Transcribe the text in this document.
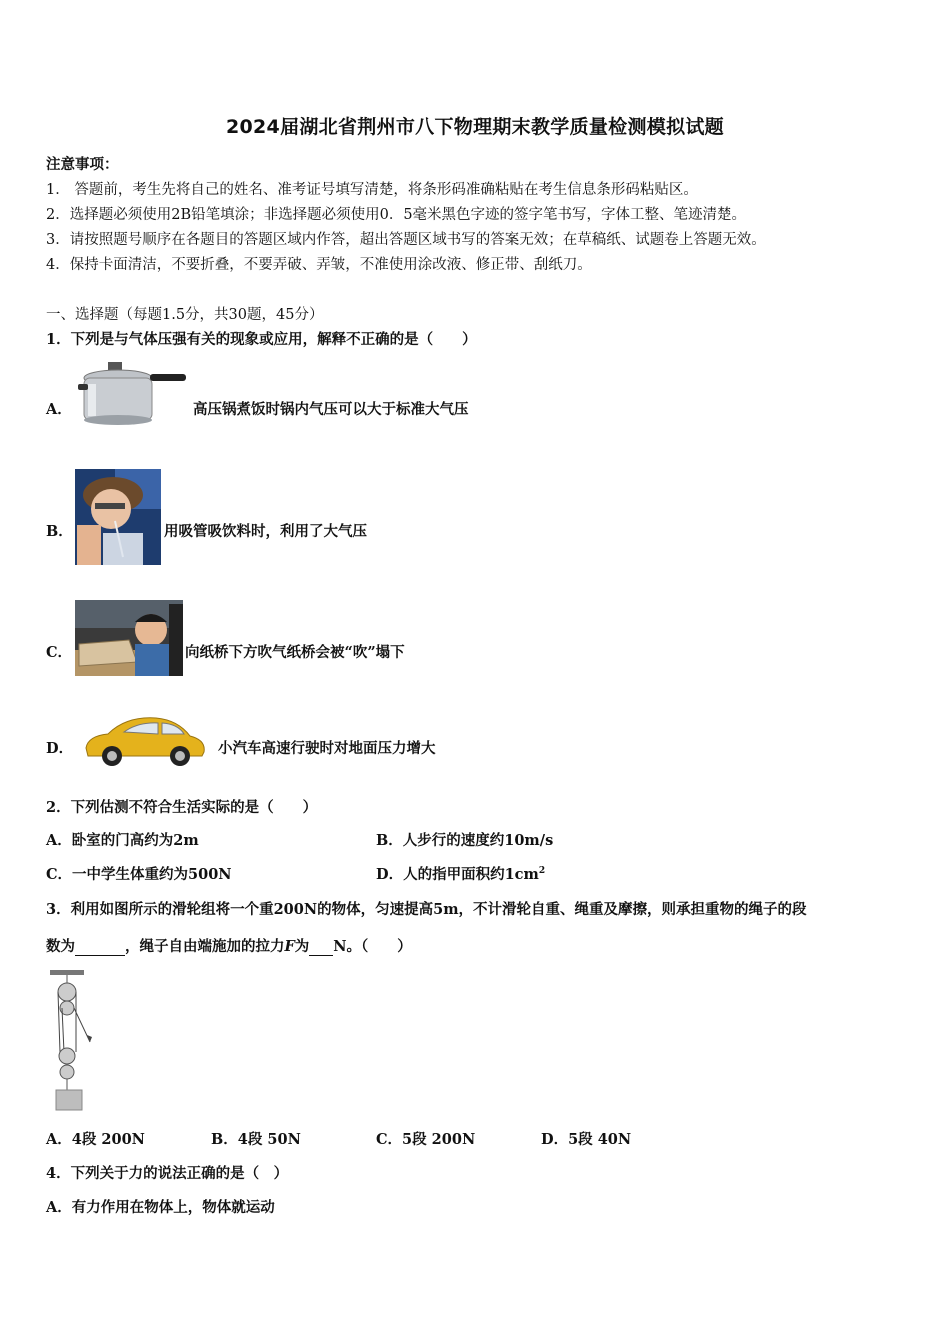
2024届湖北省荆州市八下物理期末教学质量检测模拟试题
注意事项：
1． 答题前，考生先将自己的姓名、准考证号填写清楚，将条形码准确粘贴在考生信息条形码粘贴区。
2．选择题必须使用2B铅笔填涂；非选择题必须使用0．5毫米黑色字迹的签字笔书写，字体工整、笔迹清楚。
3．请按照题号顺序在各题目的答题区域内作答，超出答题区域书写的答案无效；在草稿纸、试题卷上答题无效。
4．保持卡面清洁，不要折叠，不要弄破、弄皱，不准使用涂改液、修正带、刮纸刀。
一、选择题（每题1.5分，共30题，45分）
1．下列是与气体压强有关的现象或应用，解释不正确的是（　　）
A．	高压锅煮饭时锅内气压可以大于标准大气压
B．	用吸管吸饮料时，利用了大气压
C．	向纸桥下方吹气纸桥会被“吹”塌下
D．	小汽车高速行驶时对地面压力增大
2．下列估测不符合生活实际的是（　　）
A．卧室的门高约为2m	B．人步行的速度约10m/s
C．一中学生体重约为500N	D．人的指甲面积约$1cm^2$
3．利用如图所示的滑轮组将一个重200N的物体，匀速提高5m，不计滑轮自重、绳重及摩擦，则承担重物的绳子的段
数为	，绳子自由端施加的拉力F为 N。（　　）
A．4段 200N	B．4段 50N	C．5段 200N	D．5段 40N
4．下列关于力的说法正确的是（　）
A．有力作用在物体上，物体就运动
